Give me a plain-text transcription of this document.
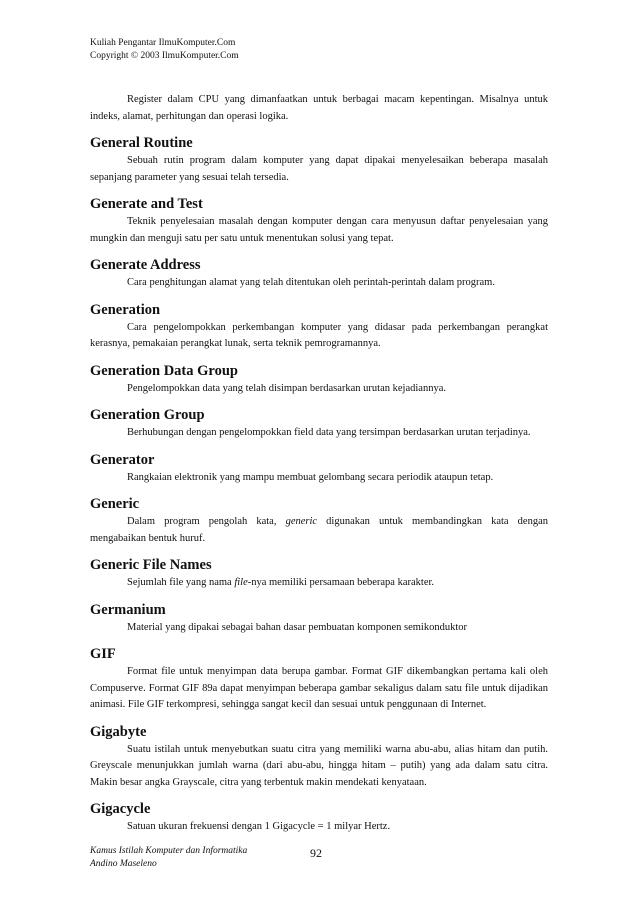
Kuliah Pengantar IlmuKomputer.Com
Copyright © 2003 IlmuKomputer.Com

Register dalam CPU yang dimanfaatkan untuk berbagai macam kepentingan. Misalnya untuk indeks, alamat, perhitungan dan operasi logika.

General Routine

Sebuah rutin program dalam komputer yang dapat dipakai menyelesaikan beberapa masalah sepanjang parameter yang sesuai telah tersedia.

Generate and Test

Teknik penyelesaian masalah dengan komputer dengan cara menyusun daftar penyelesaian yang mungkin dan menguji satu per satu untuk menentukan solusi yang tepat.

Generate Address

Cara penghitungan alamat yang telah ditentukan oleh perintah-perintah dalam program.

Generation

Cara pengelompokkan perkembangan komputer yang didasar pada perkembangan perangkat kerasnya, pemakaian perangkat lunak, serta teknik pemrogramannya.

Generation Data Group

Pengelompokkan data yang telah disimpan berdasarkan urutan kejadiannya.

Generation Group

Berhubungan dengan pengelompokkan field data yang tersimpan berdasarkan urutan terjadinya.

Generator

Rangkaian elektronik yang mampu membuat gelombang secara periodik ataupun tetap.

Generic

Dalam program pengolah kata, generic digunakan untuk membandingkan kata dengan mengabaikan bentuk huruf.

Generic File Names

Sejumlah file yang nama file-nya memiliki persamaan beberapa karakter.

Germanium

Material yang dipakai sebagai bahan dasar pembuatan komponen semikonduktor

GIF

Format file untuk menyimpan data berupa gambar. Format GIF dikembangkan pertama kali oleh Compuserve. Format GIF 89a dapat menyimpan beberapa gambar sekaligus dalam satu file untuk dijadikan animasi. File GIF terkompresi, sehingga sangat kecil dan sesuai untuk penggunaan di Internet.

Gigabyte

Suatu istilah untuk menyebutkan suatu citra yang memiliki warna abu-abu, alias hitam dan putih. Greyscale menunjukkan jumlah warna (dari abu-abu, hingga hitam – putih) yang ada dalam satu citra. Makin besar angka Grayscale, citra yang terbentuk makin mendekati kenyataan.

Gigacycle

Satuan ukuran frekuensi dengan 1 Gigacycle = 1 milyar Hertz.

Kamus Istilah Komputer dan Informatika
Andino Maseleno
92
